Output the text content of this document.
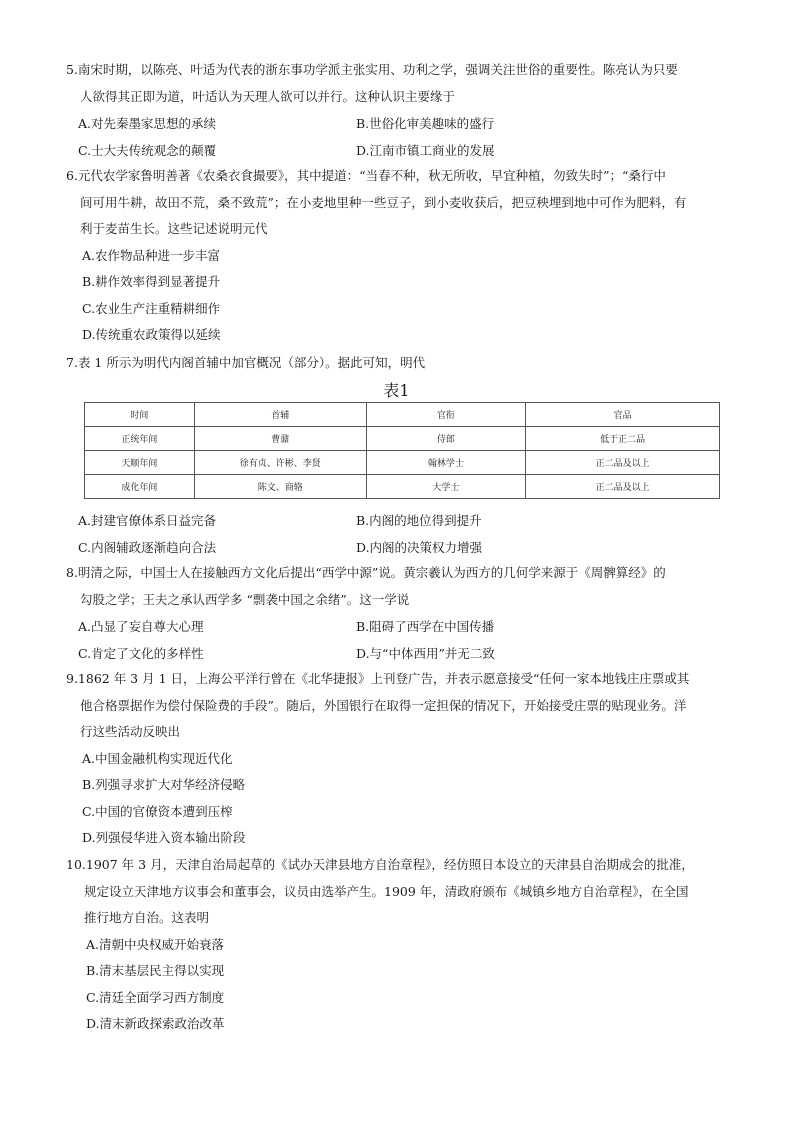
5.南宋时期，以陈亮、叶适为代表的浙东事功学派主张实用、功利之学，强调关注世俗的重要性。陈亮认为只要
人欲得其正即为道，叶适认为天理人欲可以并行。这种认识主要缘于
A.对先秦墨家思想的承续	B.世俗化审美趣味的盛行
C.士大夫传统观念的颠覆	D.江南市镇工商业的发展
6.元代农学家鲁明善著《农桑衣食撮要》，其中提道：“当春不种，秋无所收，早宜种植，勿致失时”；“桑行中
间可用牛耕，故田不荒，桑不致荒”；在小麦地里种一些豆子，到小麦收获后，把豆秧埋到地中可作为肥料，有
利于麦苗生长。这些记述说明元代
A.农作物品种进一步丰富
B.耕作效率得到显著提升
C.农业生产注重精耕细作
D.传统重农政策得以延续
7.表 1 所示为明代内阁首辅中加官概况（部分）。据此可知，明代
表1
时间	首辅	官衔	官品
正统年间	曹鼐	侍郎	低于正二品
天顺年间	徐有贞、许彬、李贤	翰林学士	正二品及以上
成化年间	陈文、商辂	大学士	正二品及以上
A.封建官僚体系日益完备	B.内阁的地位得到提升
C.内阁辅政逐渐趋向合法	D.内阁的决策权力增强
8.明清之际，中国士人在接触西方文化后提出“西学中源”说。黄宗羲认为西方的几何学来源于《周髀算经》的
勾股之学；王夫之承认西学多 “剽袭中国之余绪”。这一学说
A.凸显了妄自尊大心理	B.阻碍了西学在中国传播
C.肯定了文化的多样性	D.与“中体西用”并无二致
9.1862 年 3 月 1 日，上海公平洋行曾在《北华捷报》上刊登广告，并表示愿意接受“任何一家本地钱庄庄票或其
他合格票据作为偿付保险费的手段”。随后，外国银行在取得一定担保的情况下，开始接受庄票的贴现业务。洋
行这些活动反映出
A.中国金融机构实现近代化
B.列强寻求扩大对华经济侵略
C.中国的官僚资本遭到压榨
D.列强侵华进入资本输出阶段
10.1907 年 3 月，天津自治局起草的《试办天津县地方自治章程》，经仿照日本设立的天津县自治期成会的批准，
规定设立天津地方议事会和董事会，议员由选举产生。1909 年，清政府颁布《城镇乡地方自治章程》，在全国
推行地方自治。这表明
A.清朝中央权威开始衰落
B.清末基层民主得以实现
C.清廷全面学习西方制度
D.清末新政探索政治改革
